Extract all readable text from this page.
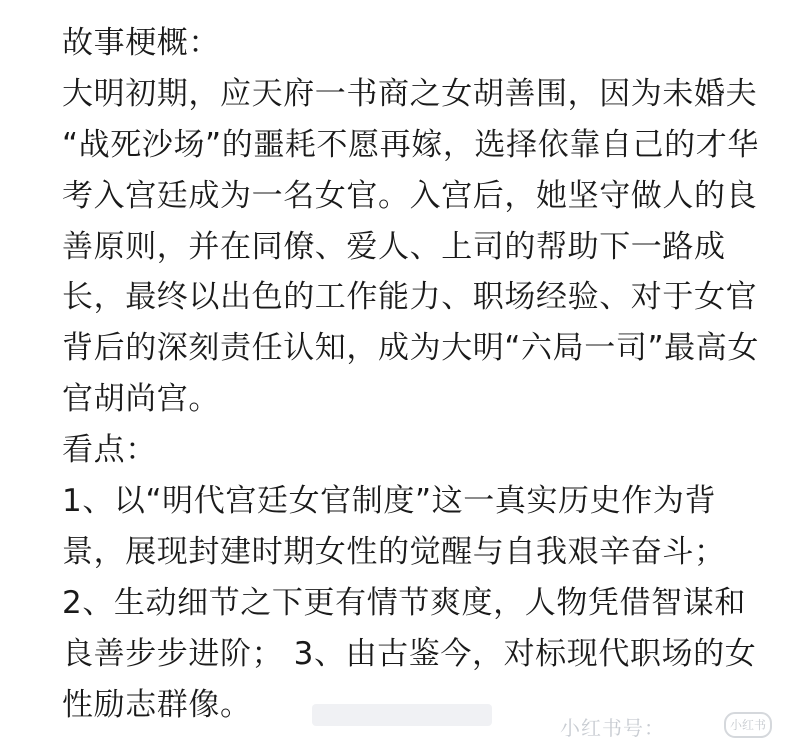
故事梗概：
大明初期，应天府一书商之女胡善围，因为未婚夫
“战死沙场”的噩耗不愿再嫁，选择依靠自己的才华
考入宫廷成为一名女官。入宫后，她坚守做人的良
善原则，并在同僚、爱人、上司的帮助下一路成
长，最终以出色的工作能力、职场经验、对于女官
背后的深刻责任认知，成为大明“六局一司”最高女
官胡尚宫。
看点：
1、以“明代宫廷女官制度”这一真实历史作为背
景，展现封建时期女性的觉醒与自我艰辛奋斗；
2、生动细节之下更有情节爽度，人物凭借智谋和
良善步步进阶； 3、由古鉴今，对标现代职场的女
性励志群像。
小红书号：	小红书
